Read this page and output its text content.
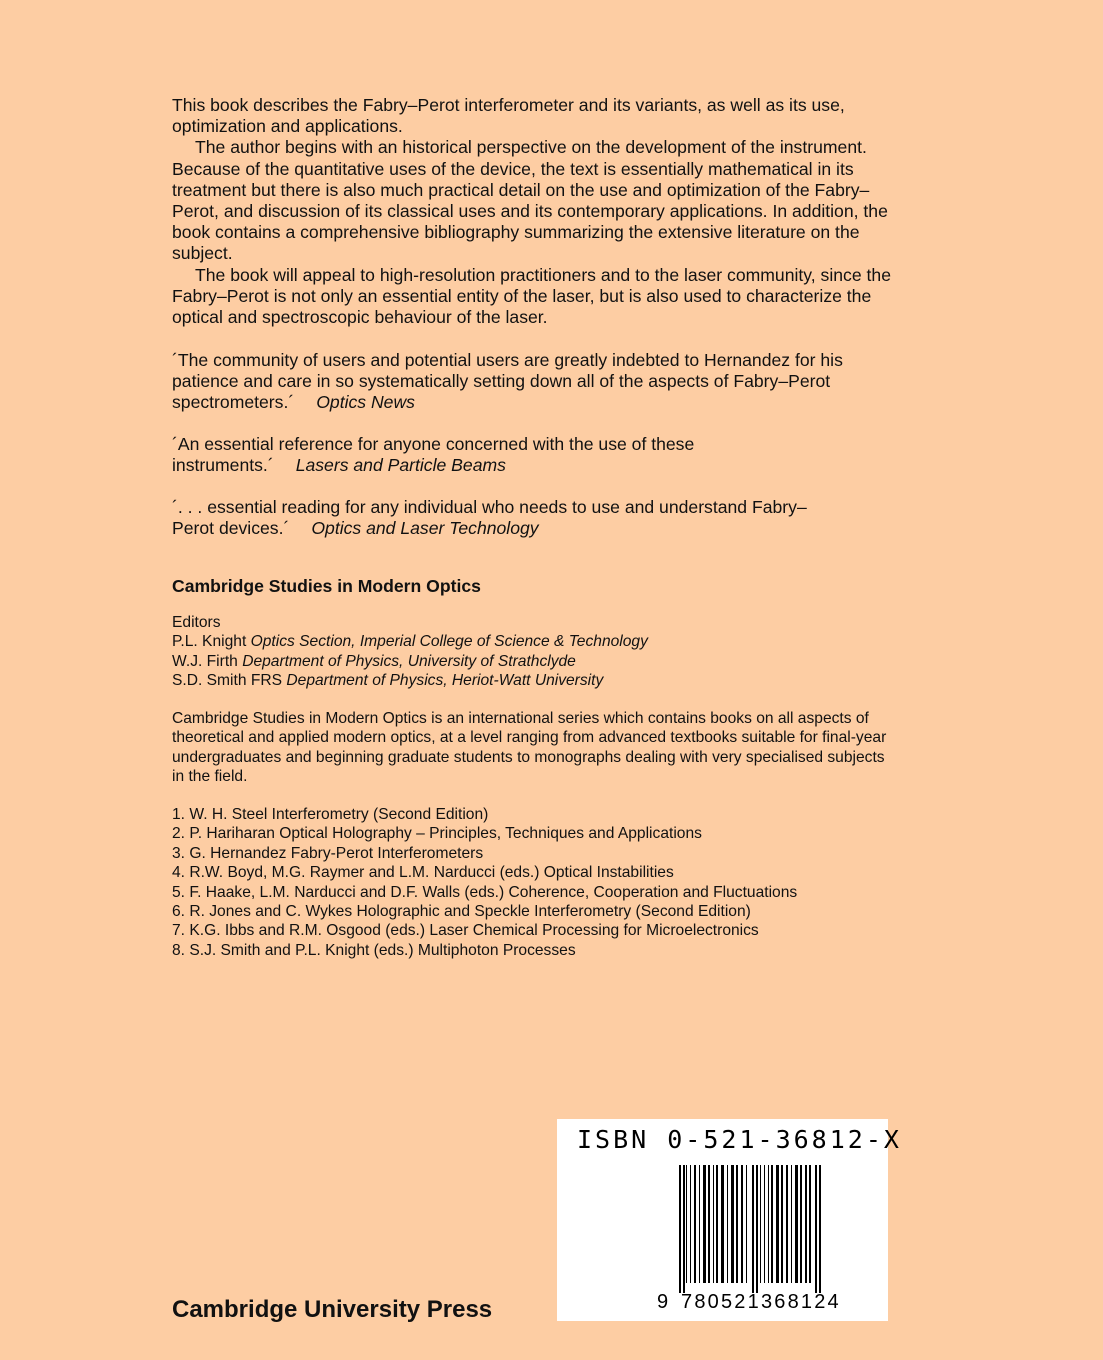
This book describes the Fabry–Perot interferometer and its variants, as well as its use, optimization and applications.

The author begins with an historical perspective on the development of the instrument. Because of the quantitative uses of the device, the text is essentially mathematical in its treatment but there is also much practical detail on the use and optimization of the Fabry–Perot, and discussion of its classical uses and its contemporary applications. In addition, the book contains a comprehensive bibliography summarizing the extensive literature on the subject.

The book will appeal to high-resolution practitioners and to the laser community, since the Fabry–Perot is not only an essential entity of the laser, but is also used to characterize the optical and spectroscopic behaviour of the laser.

´The community of users and potential users are greatly indebted to Hernandez for his patience and care in so systematically setting down all of the aspects of Fabry–Perot spectrometers.´ Optics News

´An essential reference for anyone concerned with the use of these instruments.´ Lasers and Particle Beams

´. . . essential reading for any individual who needs to use and understand Fabry–Perot devices.´ Optics and Laser Technology

Cambridge Studies in Modern Optics

Editors

P.L. Knight Optics Section, Imperial College of Science & Technology

W.J. Firth Department of Physics, University of Strathclyde

S.D. Smith FRS Department of Physics, Heriot-Watt University

Cambridge Studies in Modern Optics is an international series which contains books on all aspects of theoretical and applied modern optics, at a level ranging from advanced textbooks suitable for final-year undergraduates and beginning graduate students to monographs dealing with very specialised subjects in the field.

1. W. H. Steel Interferometry (Second Edition)
2. P. Hariharan Optical Holography – Principles, Techniques and Applications
3. G. Hernandez Fabry-Perot Interferometers
4. R.W. Boyd, M.G. Raymer and L.M. Narducci (eds.) Optical Instabilities
5. F. Haake, L.M. Narducci and D.F. Walls (eds.) Coherence, Cooperation and Fluctuations
6. R. Jones and C. Wykes Holographic and Speckle Interferometry (Second Edition)
7. K.G. Ibbs and R.M. Osgood (eds.) Laser Chemical Processing for Microelectronics
8. S.J. Smith and P.L. Knight (eds.) Multiphoton Processes
Cambridge University Press
ISBN 0-521-36812-X
9 780521368124
